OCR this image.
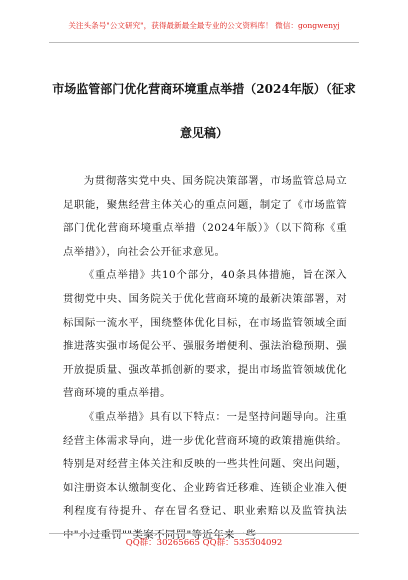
关注头条号"公文研究"，获得最新最全最专业的公文资料库！ 微信：gongwenyj
市场监管部门优化营商环境重点举措（2024年版）（征求
意见稿）

为贯彻落实党中央、国务院决策部署，市场监管总局立足职能，聚焦经营主体关心的重点问题，制定了《市场监管部门优化营商环境重点举措（2024年版）》（以下简称《重点举措》），向社会公开征求意见。

《重点举措》共10个部分，40条具体措施，旨在深入贯彻党中央、国务院关于优化营商环境的最新决策部署，对标国际一流水平，围绕整体优化目标，在市场监管领域全面推进落实强市场促公平、强服务增便利、强法治稳预期、强开放提质量、强改革抓创新的要求，提出市场监管领域优化营商环境的重点举措。

《重点举措》具有以下特点：一是坚持问题导向。注重经营主体需求导向，进一步优化营商环境的政策措施供给。特别是对经营主体关注和反映的一些共性问题、突出问题，如注册资本认缴制变化、企业跨省迁移难、连锁企业准入便利程度有待提升、存在冒名登记、职业索赔以及监管执法中"小过重罚""类案不同罚"等近年来一些

QQ群：30265665 QQ群：535304092
